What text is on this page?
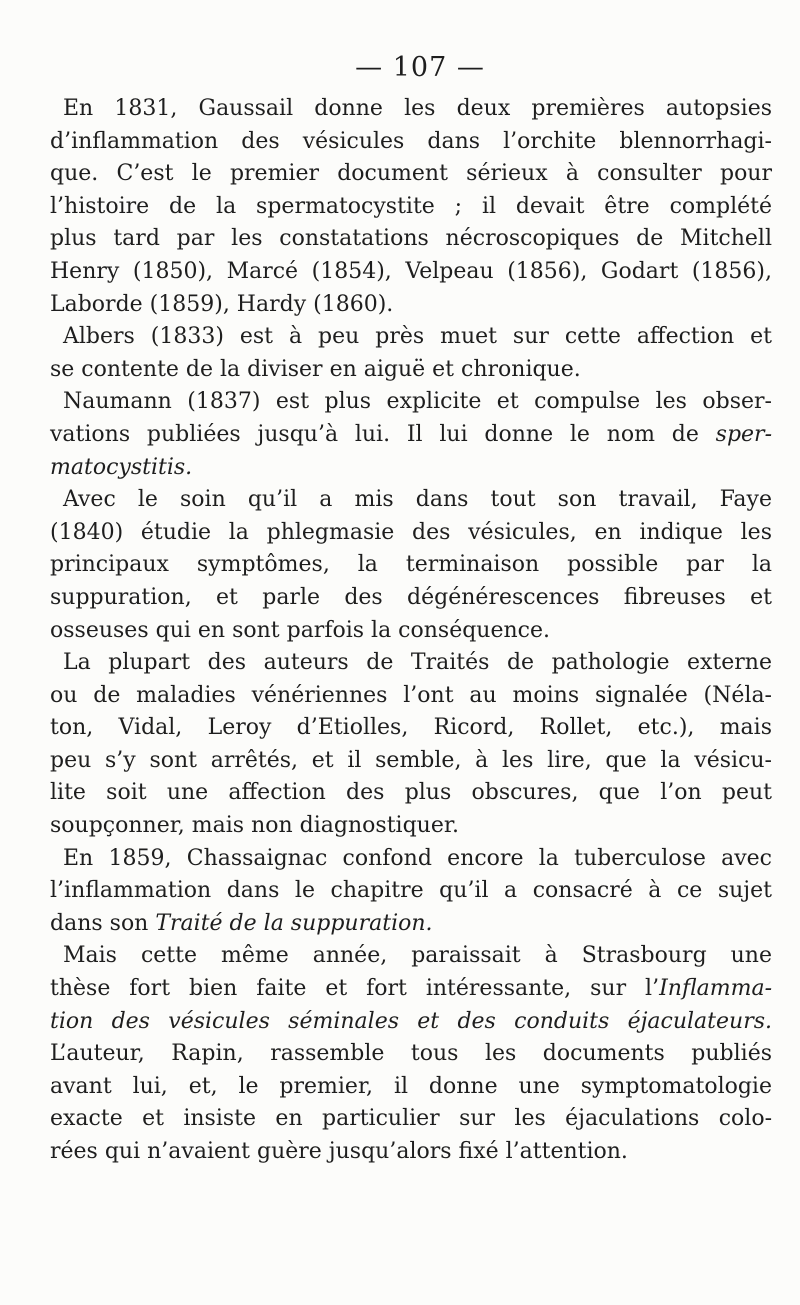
— 107 —
En 1831, Gaussail donne les deux premières autopsies
d’inflammation des vésicules dans l’orchite blennorrhagi-
que. C’est le premier document sérieux à consulter pour
l’histoire de la spermatocystite ; il devait être complété
plus tard par les constatations nécroscopiques de Mitchell
Henry (1850), Marcé (1854), Velpeau (1856), Godart (1856),
Laborde (1859), Hardy (1860).
Albers (1833) est à peu près muet sur cette affection et
se contente de la diviser en aiguë et chronique.
Naumann (1837) est plus explicite et compulse les obser-
vations publiées jusqu’à lui. Il lui donne le nom de sper-
matocystitis.
Avec le soin qu’il a mis dans tout son travail, Faye
(1840) étudie la phlegmasie des vésicules, en indique les
principaux symptômes, la terminaison possible par la
suppuration, et parle des dégénérescences fibreuses et
osseuses qui en sont parfois la conséquence.
La plupart des auteurs de Traités de pathologie externe
ou de maladies vénériennes l’ont au moins signalée (Néla-
ton, Vidal, Leroy d’Etiolles, Ricord, Rollet, etc.), mais
peu s’y sont arrêtés, et il semble, à les lire, que la vésicu-
lite soit une affection des plus obscures, que l’on peut
soupçonner, mais non diagnostiquer.
En 1859, Chassaignac confond encore la tuberculose avec
l’inflammation dans le chapitre qu’il a consacré à ce sujet
dans son Traité de la suppuration.
Mais cette même année, paraissait à Strasbourg une
thèse fort bien faite et fort intéressante, sur l’Inflamma-
tion des vésicules séminales et des conduits éjaculateurs.
L’auteur, Rapin, rassemble tous les documents publiés
avant lui, et, le premier, il donne une symptomatologie
exacte et insiste en particulier sur les éjaculations colo-
rées qui n’avaient guère jusqu’alors fixé l’attention.
